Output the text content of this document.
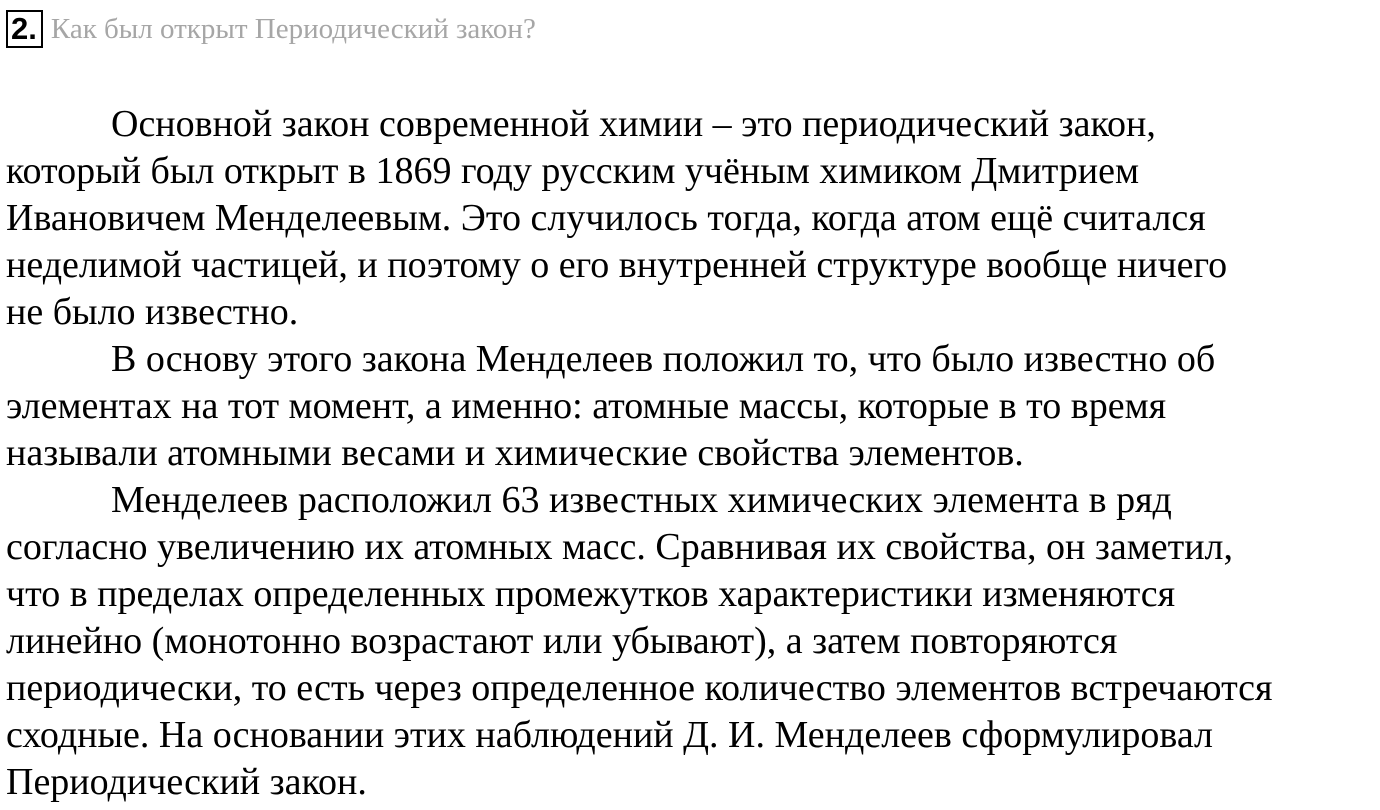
2. Как был открыт Периодический закон?
Основной закон современной химии – это периодический закон,
который был открыт в 1869 году русским учёным химиком Дмитрием
Ивановичем Менделеевым. Это случилось тогда, когда атом ещё считался
неделимой частицей, и поэтому о его внутренней структуре вообще ничего
не было известно.
В основу этого закона Менделеев положил то, что было известно об
элементах на тот момент, а именно: атомные массы, которые в то время
называли атомными весами и химические свойства элементов.
Менделеев расположил 63 известных химических элемента в ряд
согласно увеличению их атомных масс. Сравнивая их свойства, он заметил,
что в пределах определенных промежутков характеристики изменяются
линейно (монотонно возрастают или убывают), а затем повторяются
периодически, то есть через определенное количество элементов встречаются
сходные. На основании этих наблюдений Д. И. Менделеев сформулировал
Периодический закон.
